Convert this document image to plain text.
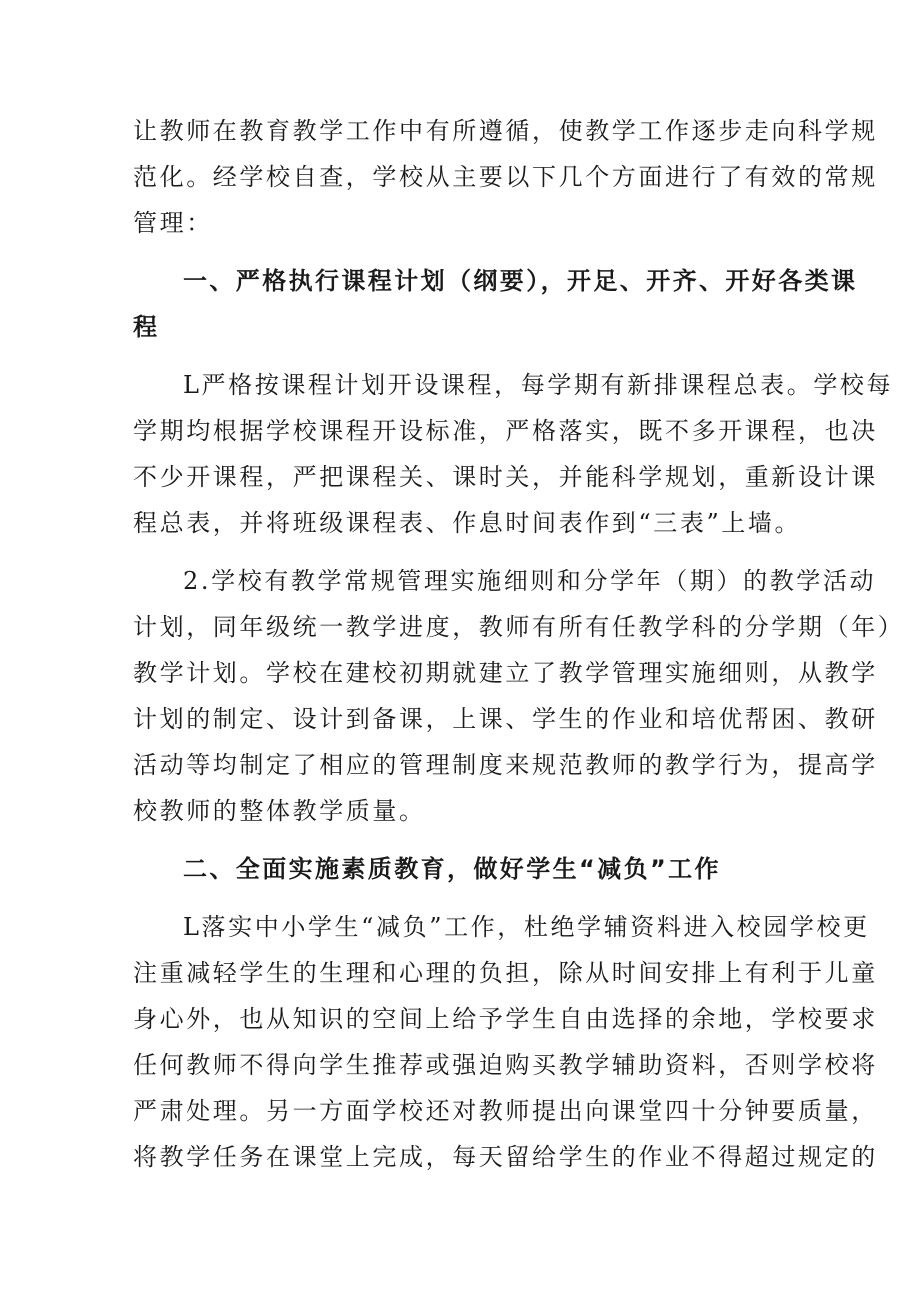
让教师在教育教学工作中有所遵循，使教学工作逐步走向科学规
范化。经学校自查，学校从主要以下几个方面进行了有效的常规
管理：
一、严格执行课程计划（纲要），开足、开齐、开好各类课
程
L严格按课程计划开设课程，每学期有新排课程总表。学校每
学期均根据学校课程开设标准，严格落实，既不多开课程，也决
不少开课程，严把课程关、课时关，并能科学规划，重新设计课
程总表，并将班级课程表、作息时间表作到“三表”上墙。
2.学校有教学常规管理实施细则和分学年（期）的教学活动
计划，同年级统一教学进度，教师有所有任教学科的分学期（年）
教学计划。学校在建校初期就建立了教学管理实施细则，从教学
计划的制定、设计到备课，上课、学生的作业和培优帮困、教研
活动等均制定了相应的管理制度来规范教师的教学行为，提高学
校教师的整体教学质量。
二、全面实施素质教育，做好学生“减负”工作
L落实中小学生“减负”工作，杜绝学辅资料进入校园学校更
注重减轻学生的生理和心理的负担，除从时间安排上有利于儿童
身心外，也从知识的空间上给予学生自由选择的余地，学校要求
任何教师不得向学生推荐或强迫购买教学辅助资料，否则学校将
严肃处理。另一方面学校还对教师提出向课堂四十分钟要质量，
将教学任务在课堂上完成，每天留给学生的作业不得超过规定的
